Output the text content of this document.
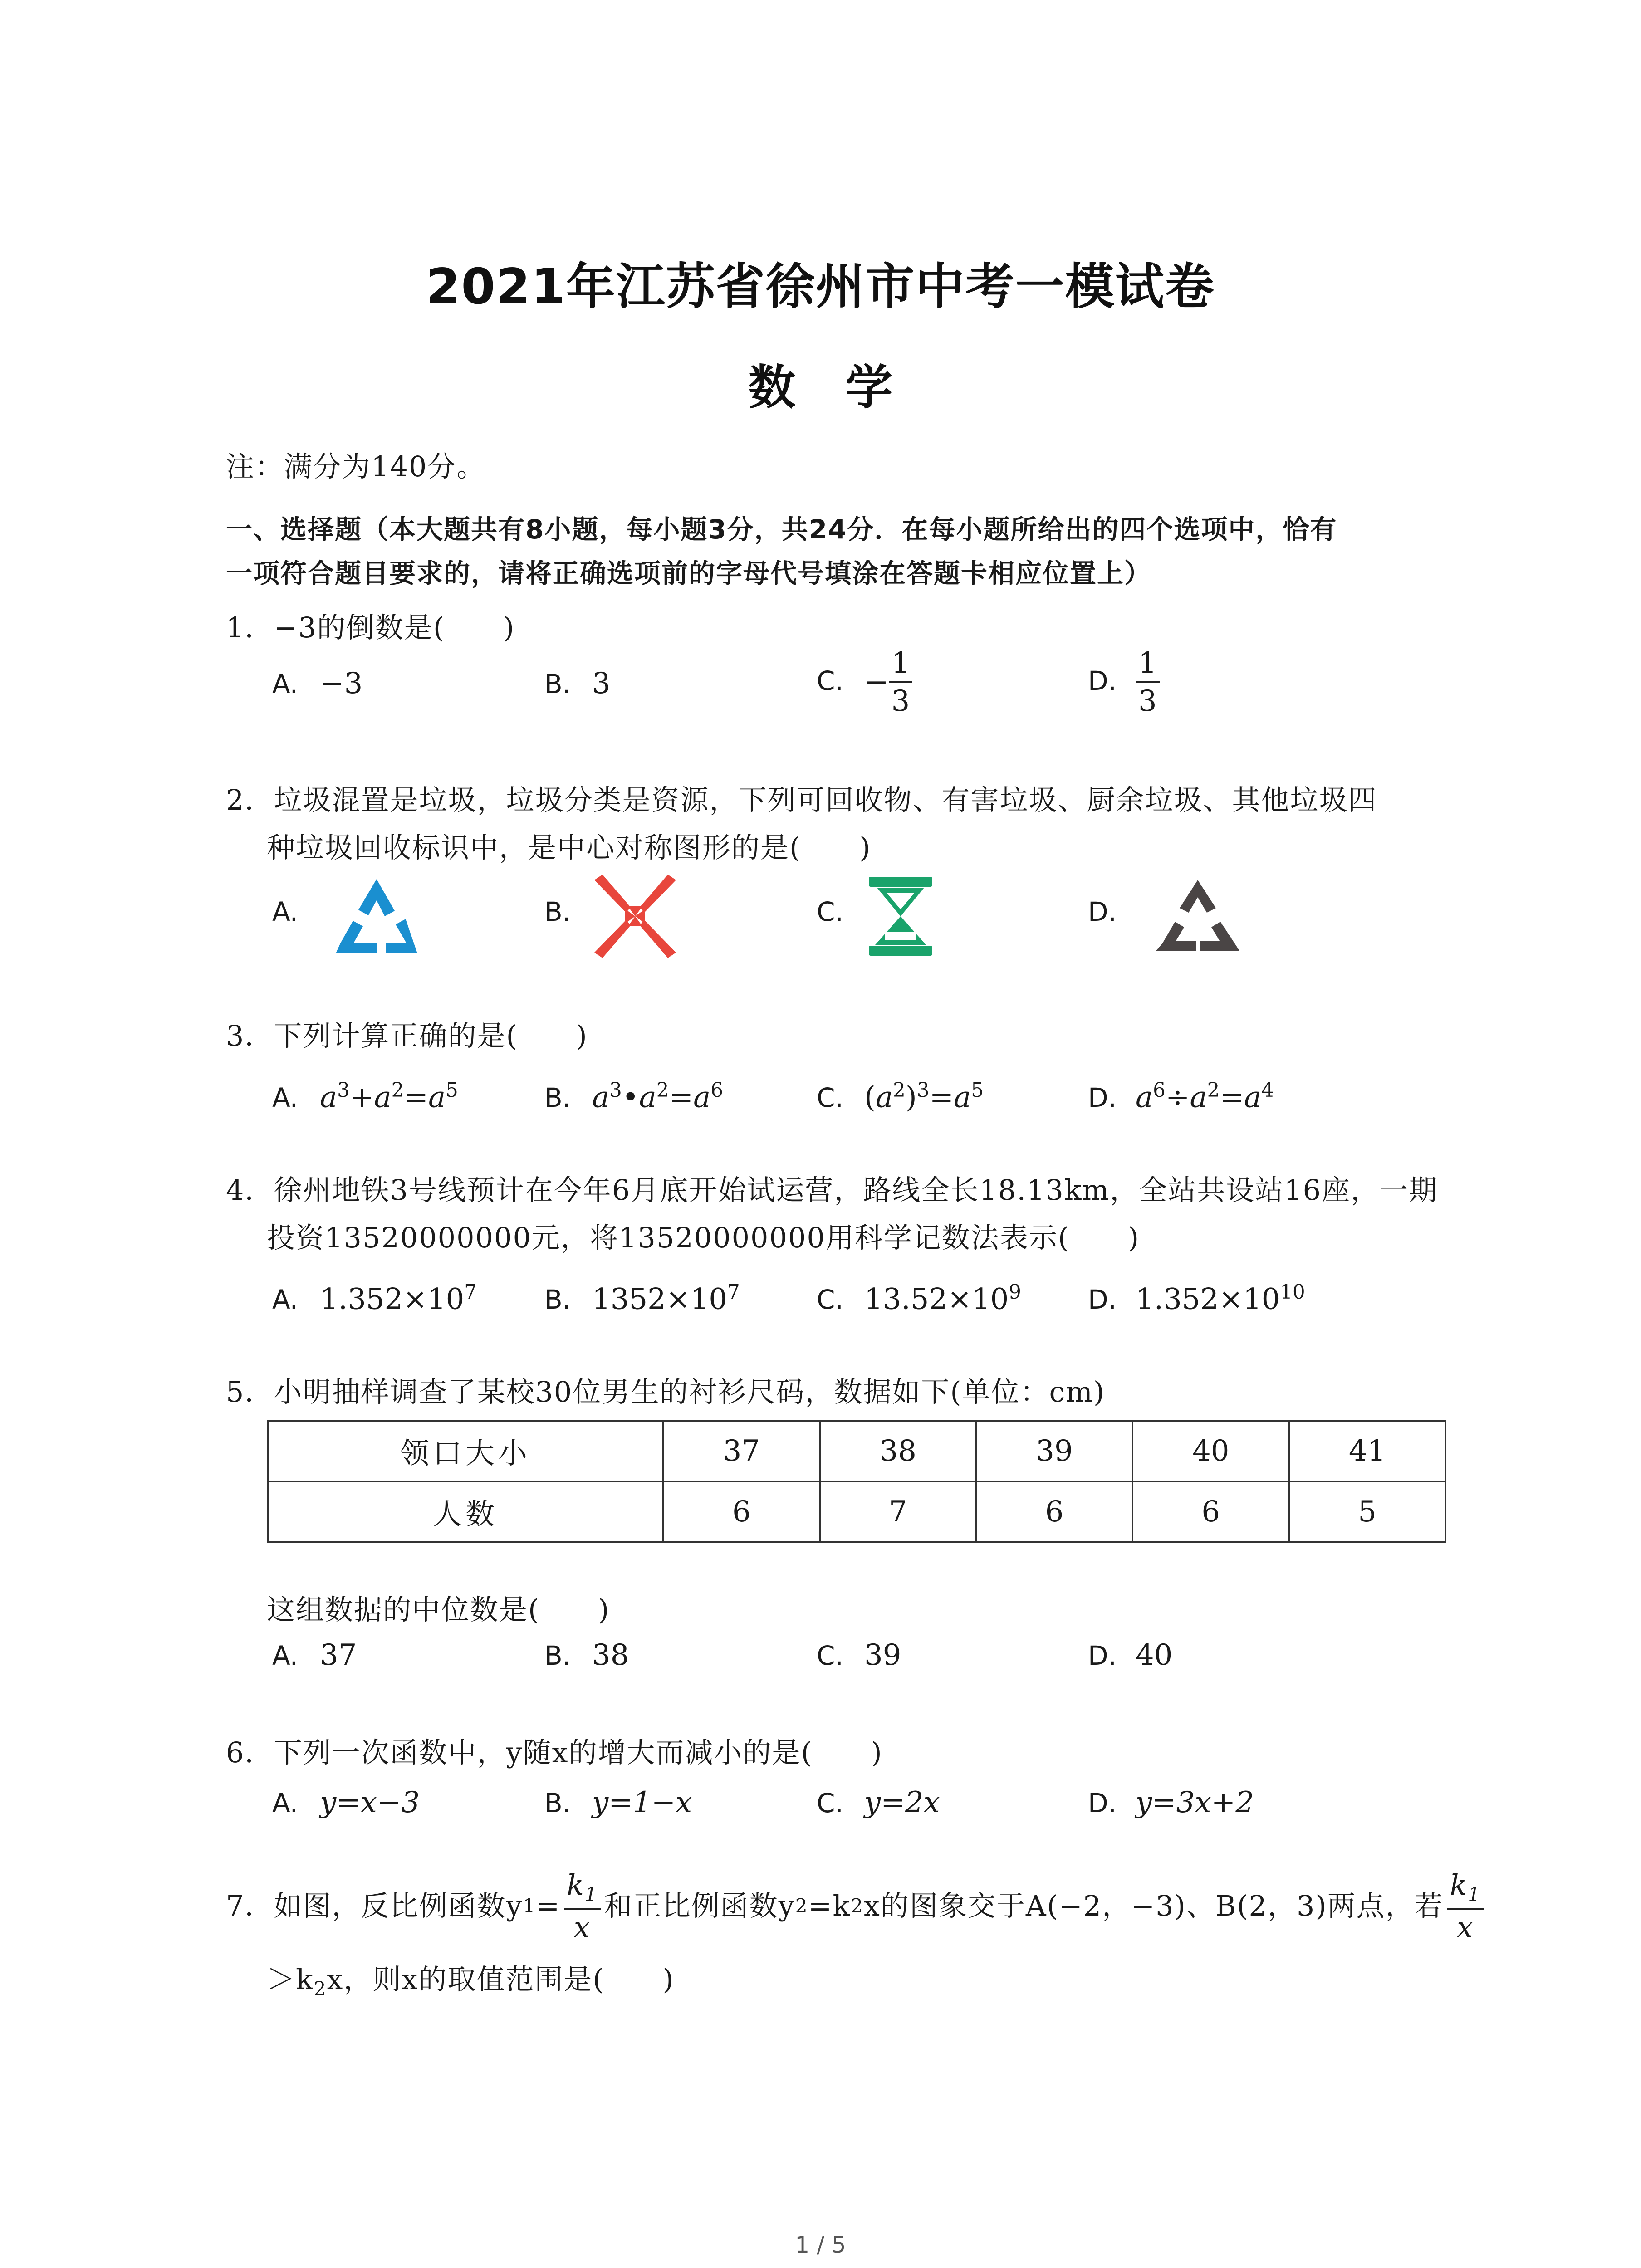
2021年江苏省徐州市中考一模试卷
数学
注：满分为140分。
一、选择题（本大题共有8小题，每小题3分，共24分．在每小题所给出的四个选项中，恰有
一项符合题目要求的，请将正确选项前的字母代号填涂在答题卡相应位置上）
1．−3的倒数是(　　)
A. −3	B. 3	C. − $\frac{1}{3}$	D. $\frac{1}{3}$
2．垃圾混置是垃圾，垃圾分类是资源，下列可回收物、有害垃圾、厨余垃圾、其他垃圾四
种垃圾回收标识中，是中心对称图形的是(　　)
A.	B.	C.	D.
3．下列计算正确的是(　　)
A. $a^3+a^2=a^5$	B. $a^3•a^2=a^6$	C. $(a^2)^3=a^5$	D. $a^6\div a^2=a^4$
4．徐州地铁3号线预计在今年6月底开始试运营，路线全长18.13km，全站共设站16座，一期
投资13520000000元，将13520000000用科学记数法表示(　　)
A. $1.352\times 10^7$	B. $1352\times 10^7$	C. $13.52\times 10^9$	D. $1.352\times 10^{10}$
5．小明抽样调查了某校30位男生的衬衫尺码，数据如下(单位：cm)
领口大小	37	38	39	40	41
人数	6	7	6	6	5
这组数据的中位数是(　　)
A. 37	B. 38	C. 39	D. 40
6．下列一次函数中，y随x的增大而减小的是(　　)
A. y=x−3	B. y=1−x	C. y=2x	D. y=3x+2
7．如图，反比例函数y $1 = \frac{k_1}{x}$ 和正比例函数y 2 =k 2 x的图象交于A(−2，−3)、B(2，3)两点，若 $\frac{k_1}{x}$
$>k_2x$，则x的取值范围是(　　)
1 / 5
